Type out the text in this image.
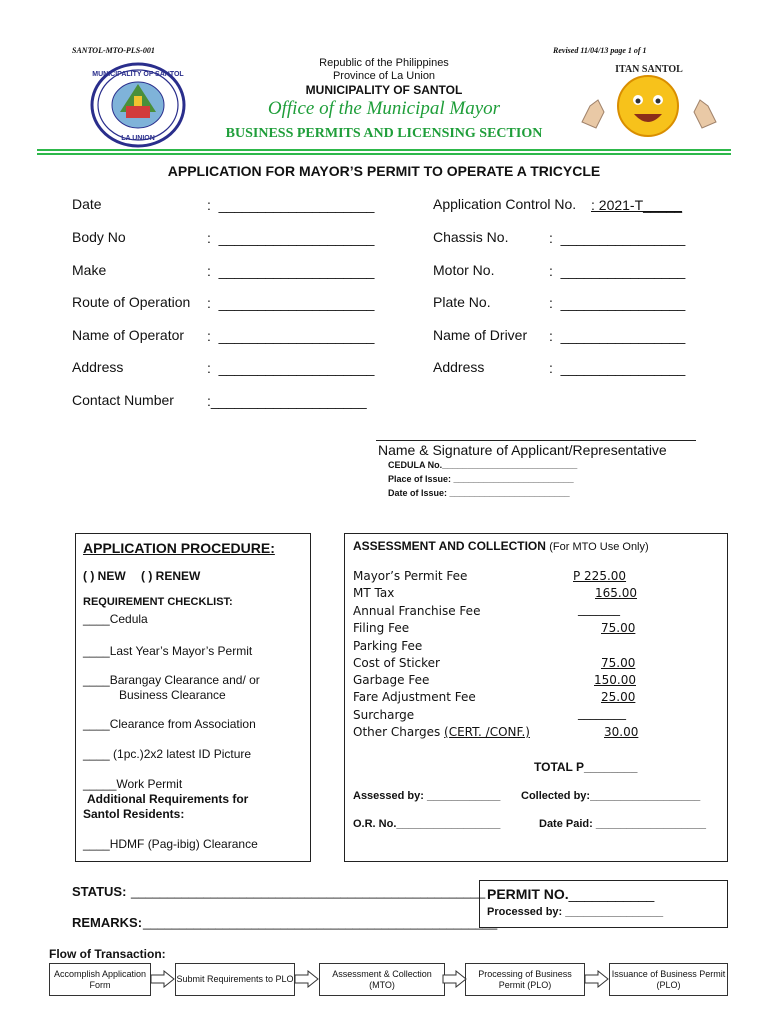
SANTOL-MTO-PLS-001	Revised 11/04/13 page 1 of 1
MUNICIPALITY OF SANTOL
LA UNION
Republic of the Philippines
Province of La Union
MUNICIPALITY OF SANTOL
Office of the Municipal Mayor
BUSINESS PERMITS AND LICENSING SECTION
ITAN SANTOL
APPLICATION FOR MAYOR’S PERMIT TO OPERATE A TRICYCLE
Date	:  ____________________
Body No	:  ____________________
Make	:  ____________________
Route of Operation :  ____________________
Name of Operator :  ____________________
Address	:  ____________________
Contact Number :____________________
Application Control No. : 2021-T_____
Chassis No.	:  ________________
Motor No.	:  ________________
Plate No.	:  ________________
Name of Driver :  ________________
Address	:  ________________
Name & Signature of Applicant/Representative
CEDULA No.___________________________
Place of Issue: ________________________
Date of Issue: ________________________
APPLICATION PROCEDURE:
( ) NEW ( ) RENEW
REQUIREMENT CHECKLIST:
____Cedula
____Last Year’s Mayor’s Permit
____Barangay Clearance and/ or
Business Clearance
____Clearance from Association
____ (1pc.)2x2 latest ID Picture
_____Work Permit
Additional Requirements for
Santol Residents:
____HDMF (Pag-ibig) Clearance
ASSESSMENT AND COLLECTION (For MTO Use Only)
Mayor’s Permit Fee	P 225.00
MT Tax	165.00
Annual Franchise Fee	_______
Filing Fee	75.00
Parking Fee
Cost of Sticker	75.00
Garbage Fee	150.00
Fare Adjustment Fee	25.00
Surcharge	________
Other Charges (CERT. /CONF.)	30.00
TOTAL P________
Assessed by: ____________ Collected by:__________________
O.R. No._________________	Date Paid: __________________
STATUS: _________________________________________________
REMARKS: _________________________________________________
PERMIT NO.___________
Processed by: ________________
Flow of Transaction:
Accomplish Application Form
Submit Requirements to PLO
Assessment & Collection (MTO)
Processing of Business Permit (PLO)
Issuance of Business Permit (PLO)
